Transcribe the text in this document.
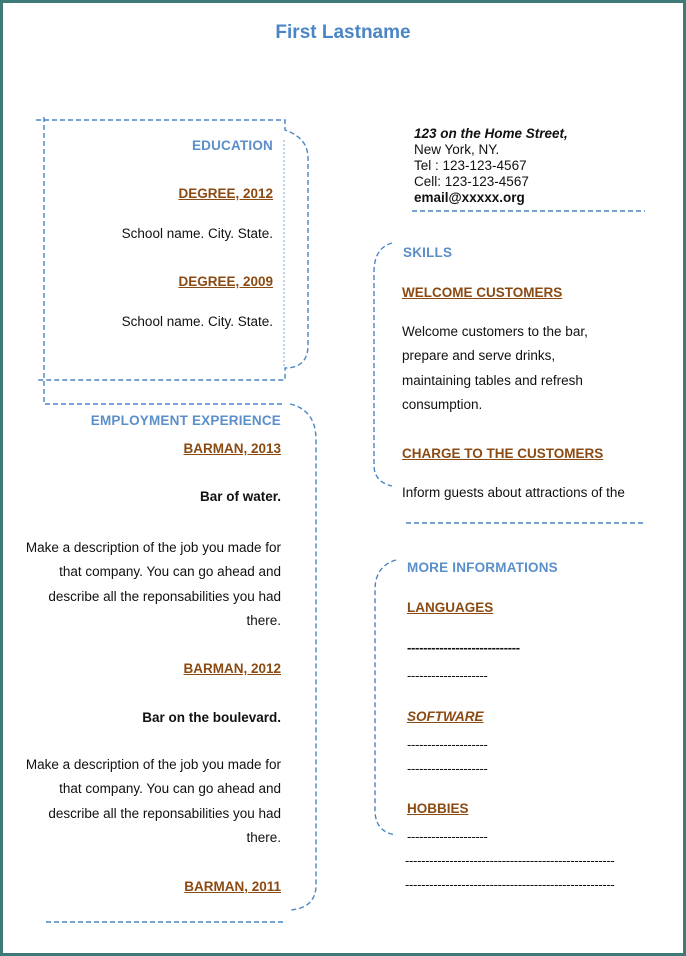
First Lastname
EDUCATION
DEGREE, 2012
School name. City. State.
DEGREE, 2009
School name. City. State.
EMPLOYMENT EXPERIENCE
BARMAN, 2013
Bar of water.
Make a description of the job you made for
that company. You can go ahead and
describe all the reponsabilities you had
there.
BARMAN, 2012
Bar on the boulevard.
Make a description of the job you made for
that company. You can go ahead and
describe all the reponsabilities you had
there.
BARMAN, 2011
123 on the Home Street,
New York, NY.
Tel : 123-123-4567
Cell: 123-123-4567
email@xxxxx.org
SKILLS
WELCOME CUSTOMERS
Welcome customers to the bar,
prepare and serve drinks,
maintaining tables and refresh
consumption.
CHARGE TO THE CUSTOMERS
Inform guests about attractions of the
MORE INFORMATIONS
LANGUAGES
----------------------------
--------------------
SOFTWARE
--------------------
--------------------
HOBBIES
--------------------
----------------------------------------------------
----------------------------------------------------
